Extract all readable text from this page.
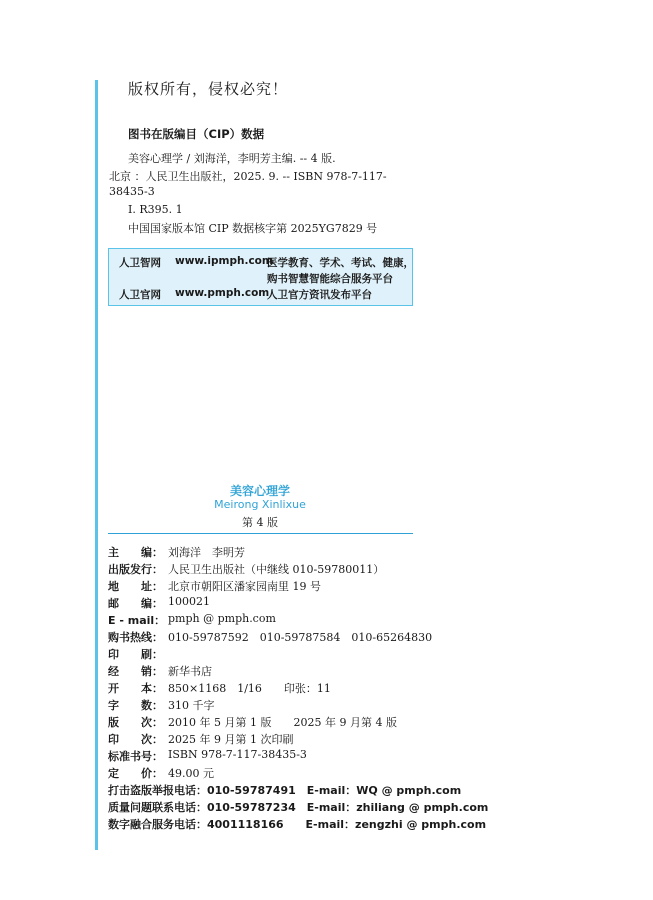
版权所有，侵权必究！
图书在版编目（CIP）数据
美容心理学 / 刘海洋，李明芳主编. -- 4 版.
北京 ：人民卫生出版社，2025. 9. -- ISBN 978-7-117-
38435-3
Ⅰ. R395. 1
中国国家版本馆 CIP 数据核字第 2025YG7829 号
人卫智网 www.ipmph.com
医学教育、学术、考试、健康，
购书智慧智能综合服务平台
人卫官网 www.pmph.com
人卫官方资讯发布平台
美容心理学
Meirong Xinlixue
第 4 版
主　　编： 刘海洋　李明芳
出版发行： 人民卫生出版社（中继线 010-59780011）
地　　址： 北京市朝阳区潘家园南里 19 号
邮　　编： 100021
E - mail： pmph @ pmph.com
购书热线： 010-59787592　010-59787584　010-65264830
印　　刷：
经　　销： 新华书店
开　　本： 850×1168　1/16　　印张：11
字　　数： 310 千字
版　　次： 2010 年 5 月第 1 版　　2025 年 9 月第 4 版
印　　次： 2025 年 9 月第 1 次印刷
标准书号： ISBN 978-7-117-38435-3
定　　价： 49.00 元
打击盗版举报电话：010-59787491　E-mail：WQ @ pmph.com
质量问题联系电话：010-59787234　E-mail：zhiliang @ pmph.com
数字融合服务电话：4001118166　　E-mail：zengzhi @ pmph.com
